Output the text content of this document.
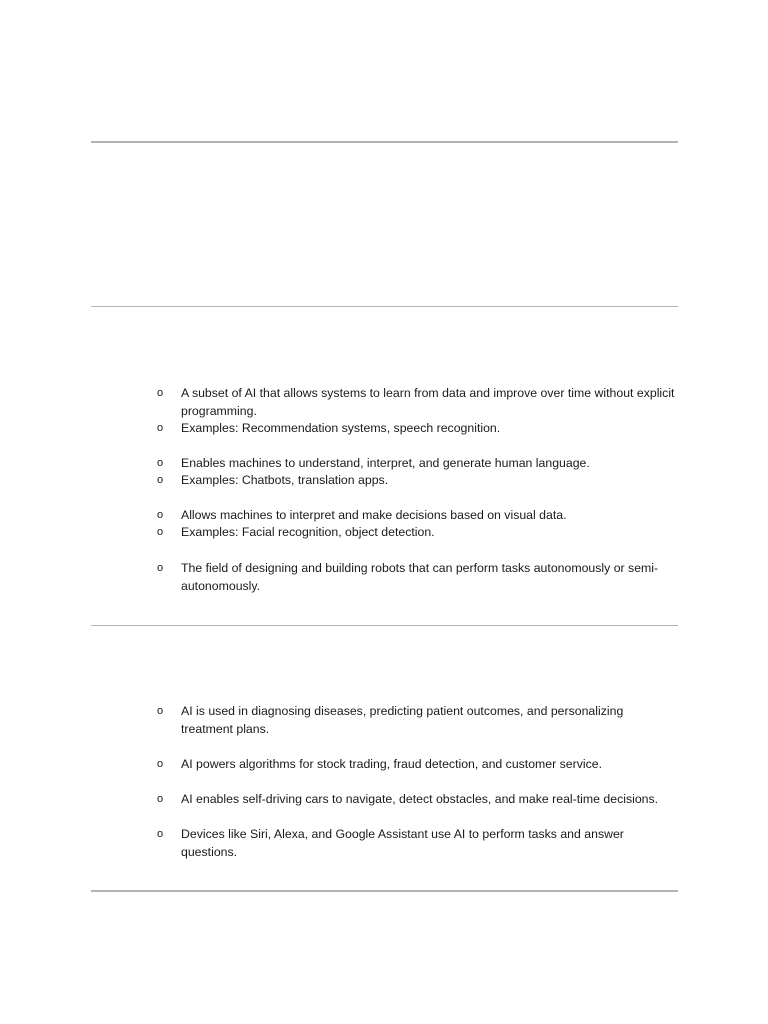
o A subset of AI that allows systems to learn from data and improve over time without explicit programming.
o Examples: Recommendation systems, speech recognition.
o Enables machines to understand, interpret, and generate human language.
o Examples: Chatbots, translation apps.
o Allows machines to interpret and make decisions based on visual data.
o Examples: Facial recognition, object detection.
o The field of designing and building robots that can perform tasks autonomously or semi-autonomously.
o AI is used in diagnosing diseases, predicting patient outcomes, and personalizing treatment plans.
o AI powers algorithms for stock trading, fraud detection, and customer service.
o AI enables self-driving cars to navigate, detect obstacles, and make real-time decisions.
o Devices like Siri, Alexa, and Google Assistant use AI to perform tasks and answer questions.
